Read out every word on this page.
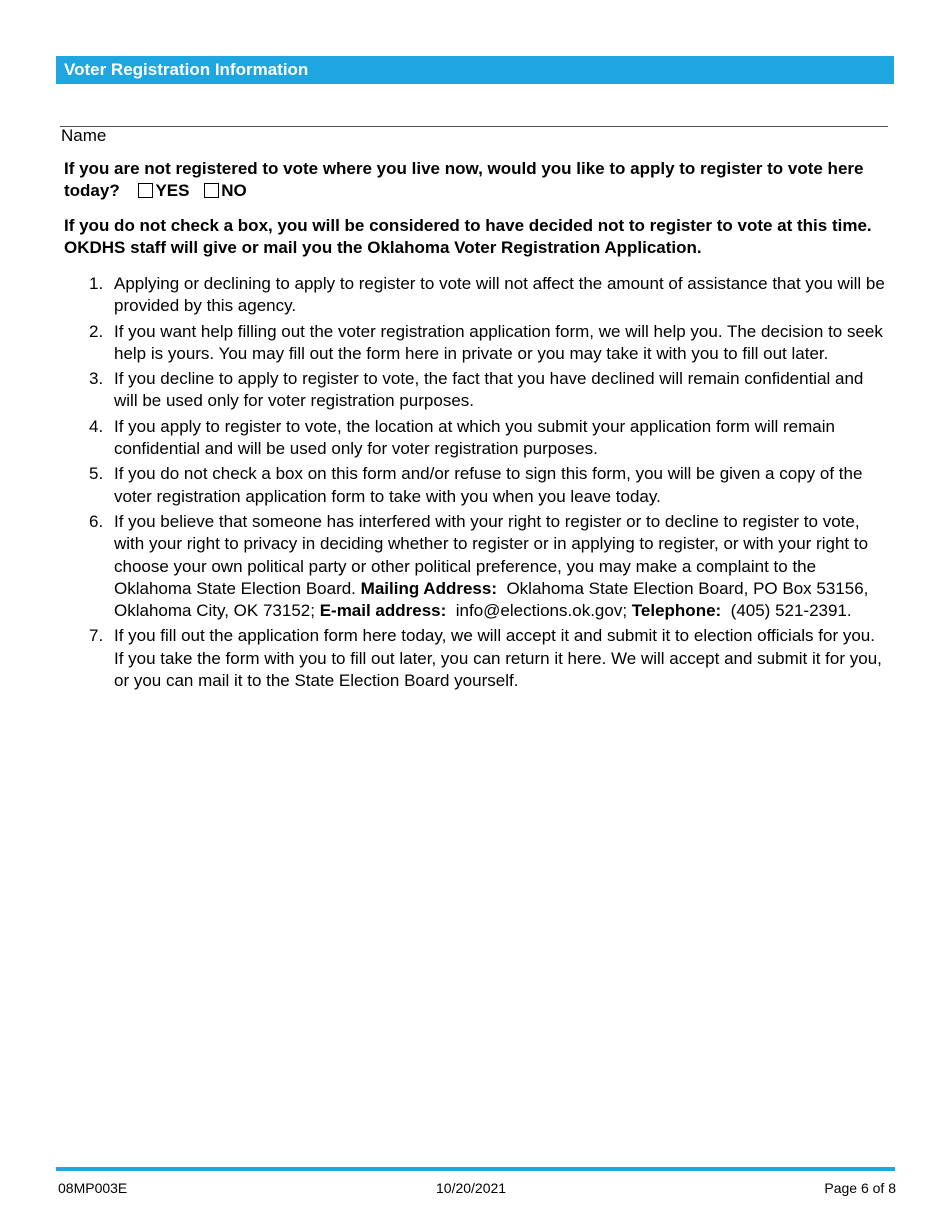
Voter Registration Information
Name
If you are not registered to vote where you live now, would you like to apply to register to vote here today? YES NO
If you do not check a box, you will be considered to have decided not to register to vote at this time. OKDHS staff will give or mail you the Oklahoma Voter Registration Application.
1. Applying or declining to apply to register to vote will not affect the amount of assistance that you will be provided by this agency.
2. If you want help filling out the voter registration application form, we will help you. The decision to seek help is yours. You may fill out the form here in private or you may take it with you to fill out later.
3. If you decline to apply to register to vote, the fact that you have declined will remain confidential and will be used only for voter registration purposes.
4. If you apply to register to vote, the location at which you submit your application form will remain confidential and will be used only for voter registration purposes.
5. If you do not check a box on this form and/or refuse to sign this form, you will be given a copy of the voter registration application form to take with you when you leave today.
6. If you believe that someone has interfered with your right to register or to decline to register to vote, with your right to privacy in deciding whether to register or in applying to register, or with your right to choose your own political party or other political preference, you may make a complaint to the Oklahoma State Election Board. Mailing Address: Oklahoma State Election Board, PO Box 53156, Oklahoma City, OK 73152; E-mail address: info@elections.ok.gov; Telephone: (405) 521-2391.
7. If you fill out the application form here today, we will accept it and submit it to election officials for you. If you take the form with you to fill out later, you can return it here. We will accept and submit it for you, or you can mail it to the State Election Board yourself.
08MP003E	10/20/2021	Page 6 of 8
